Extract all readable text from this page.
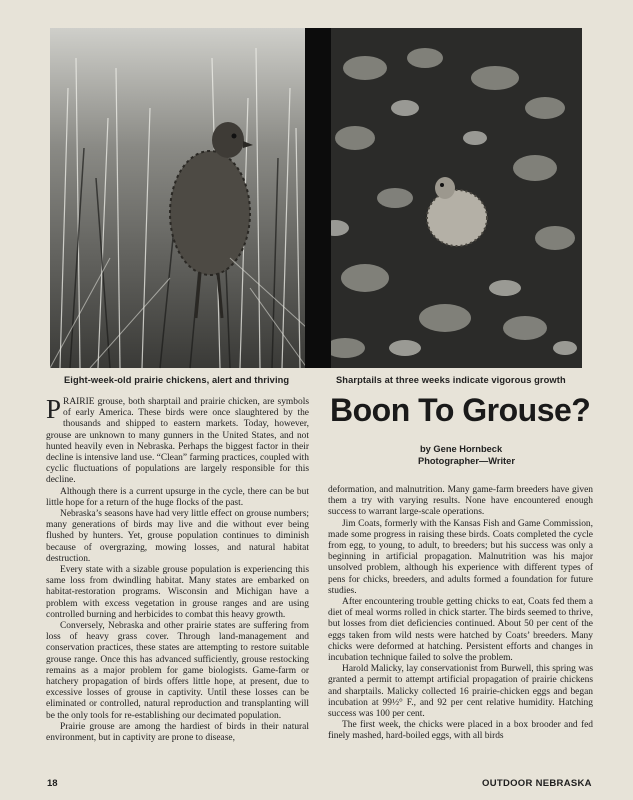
Eight-week-old prairie chickens, alert and thriving	Sharptails at three weeks indicate vigorous growth

PRAIRIE grouse, both sharptail and prairie chicken, are symbols of early America. These birds were once slaughtered by the thousands and shipped to eastern markets. Today, however, grouse are unknown to many gunners in the United States, and not hunted heavily even in Nebraska. Perhaps the biggest factor in their decline is intensive land use. “Clean” farming practices, coupled with cyclic fluctuations of populations are largely responsible for this decline.

Although there is a current upsurge in the cycle, there can be but little hope for a return of the huge flocks of the past.

Nebraska’s seasons have had very little effect on grouse numbers; many generations of birds may live and die without ever being flushed by hunters. Yet, grouse population continues to diminish because of overgrazing, mowing losses, and natural habitat destruction.

Every state with a sizable grouse population is experiencing this same loss from dwindling habitat. Many states are embarked on habitat-restoration programs. Wisconsin and Michigan have a problem with excess vegetation in grouse ranges and are using controlled burning and herbicides to combat this heavy growth.

Conversely, Nebraska and other prairie states are suffering from loss of heavy grass cover. Through land-management and conservation practices, these states are attempting to restore suitable grouse range. Once this has advanced sufficiently, grouse restocking remains as a major problem for game biologists. Game-farm or hatchery propagation of birds offers little hope, at present, due to excessive losses of grouse in captivity. Until these losses can be eliminated or controlled, natural reproduction and transplanting will be the only tools for re-establishing our decimated population.

Prairie grouse are among the hardiest of birds in their natural environment, but in captivity are prone to disease,

Boon To Grouse?
by Gene Hornbeck
Photographer—Writer

deformation, and malnutrition. Many game-farm breeders have given them a try with varying results. None have encountered enough success to warrant large-scale operations.

Jim Coats, formerly with the Kansas Fish and Game Commission, made some progress in raising these birds. Coats completed the cycle from egg, to young, to adult, to breeders; but his success was only a beginning in artificial propagation. Malnutrition was his major unsolved problem, although his experience with different types of pens for chicks, breeders, and adults formed a foundation for future studies.

After encountering trouble getting chicks to eat, Coats fed them a diet of meal worms rolled in chick starter. The birds seemed to thrive, but losses from diet deficiencies continued. About 50 per cent of the eggs taken from wild nests were hatched by Coats’ breeders. Many chicks were deformed at hatching. Persistent efforts and changes in incubation technique failed to solve the problem.

Harold Malicky, lay conservationist from Burwell, this spring was granted a permit to attempt artificial propagation of prairie chickens and sharptails. Malicky collected 16 prairie-chicken eggs and began incubation at 99½° F., and 92 per cent relative humidity. Hatching success was 100 per cent.

The first week, the chicks were placed in a box brooder and fed finely mashed, hard-boiled eggs, with all birds

18	OUTDOOR NEBRASKA
